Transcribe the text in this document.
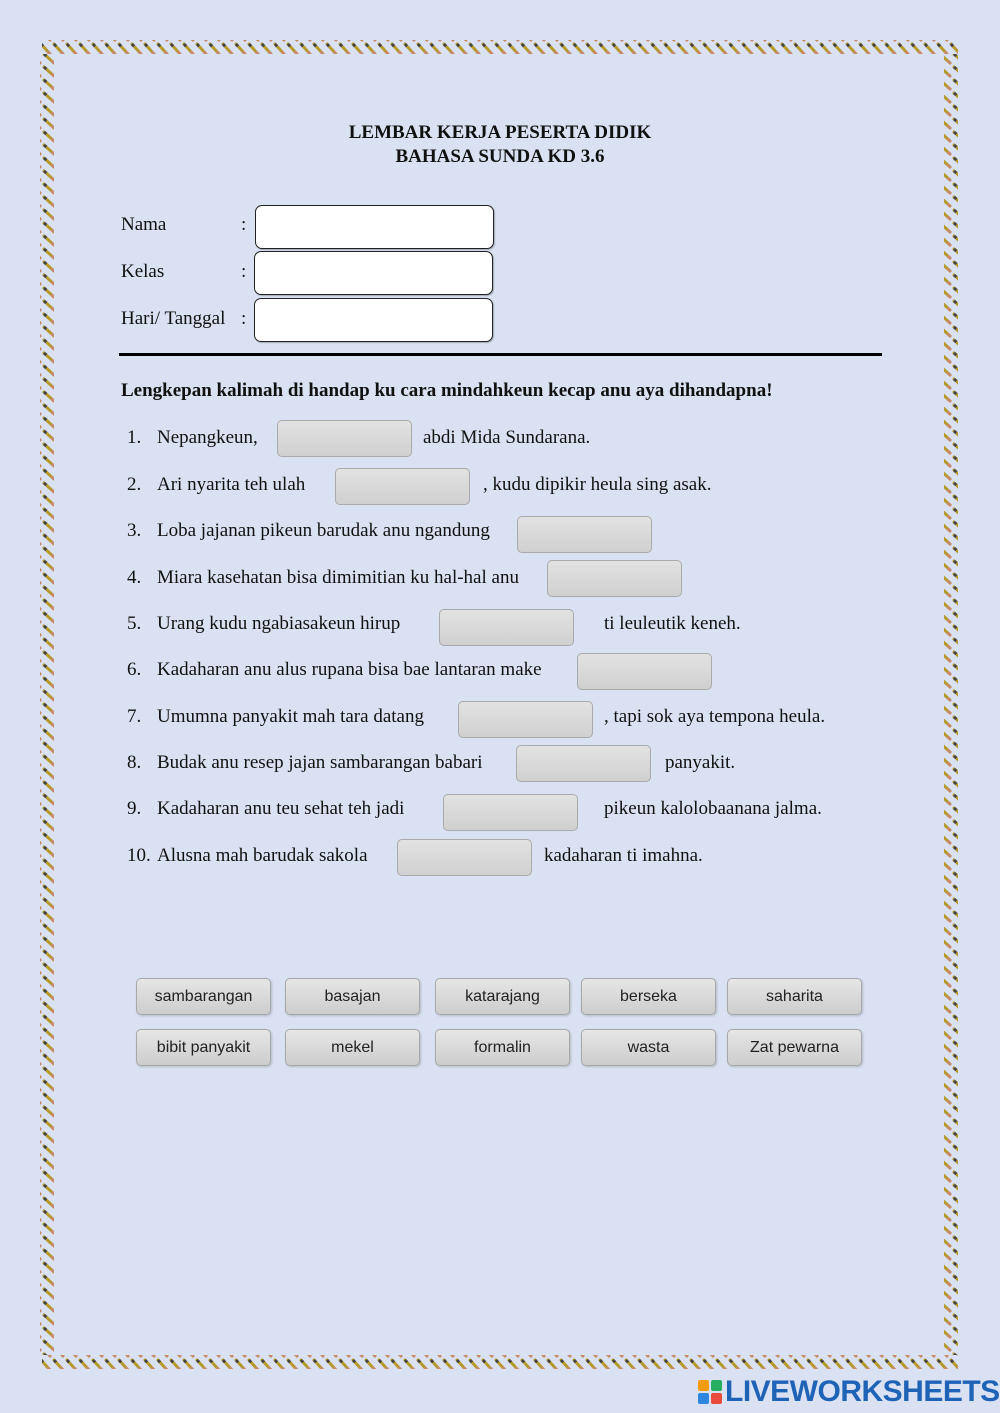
LEMBAR KERJA PESERTA DIDIK
BAHASA SUNDA KD 3.6
Nama	:
Kelas	:
Hari/ Tanggal :
Lengkepan kalimah di handap ku cara mindahkeun kecap anu aya dihandapna!
1. Nepangkeun,	abdi Mida Sundarana.
2. Ari nyarita teh ulah	, kudu dipikir heula sing asak.
3. Loba jajanan pikeun barudak anu ngandung
4. Miara kasehatan bisa dimimitian ku hal-hal anu
5. Urang kudu ngabiasakeun hirup	ti leuleutik keneh.
6. Kadaharan anu alus rupana bisa bae lantaran make
7. Umumna panyakit mah tara datang	, tapi sok aya tempona heula.
8. Budak anu resep jajan sambarangan babari	panyakit.
9. Kadaharan anu teu sehat teh jadi	pikeun kalolobaanana jalma.
10. Alusna mah barudak sakola	kadaharan ti imahna.
sambarangan	basajan	katarajang	berseka	saharita
bibit panyakit	mekel	formalin	wasta	Zat pewarna
LIVEWORKSHEETS
